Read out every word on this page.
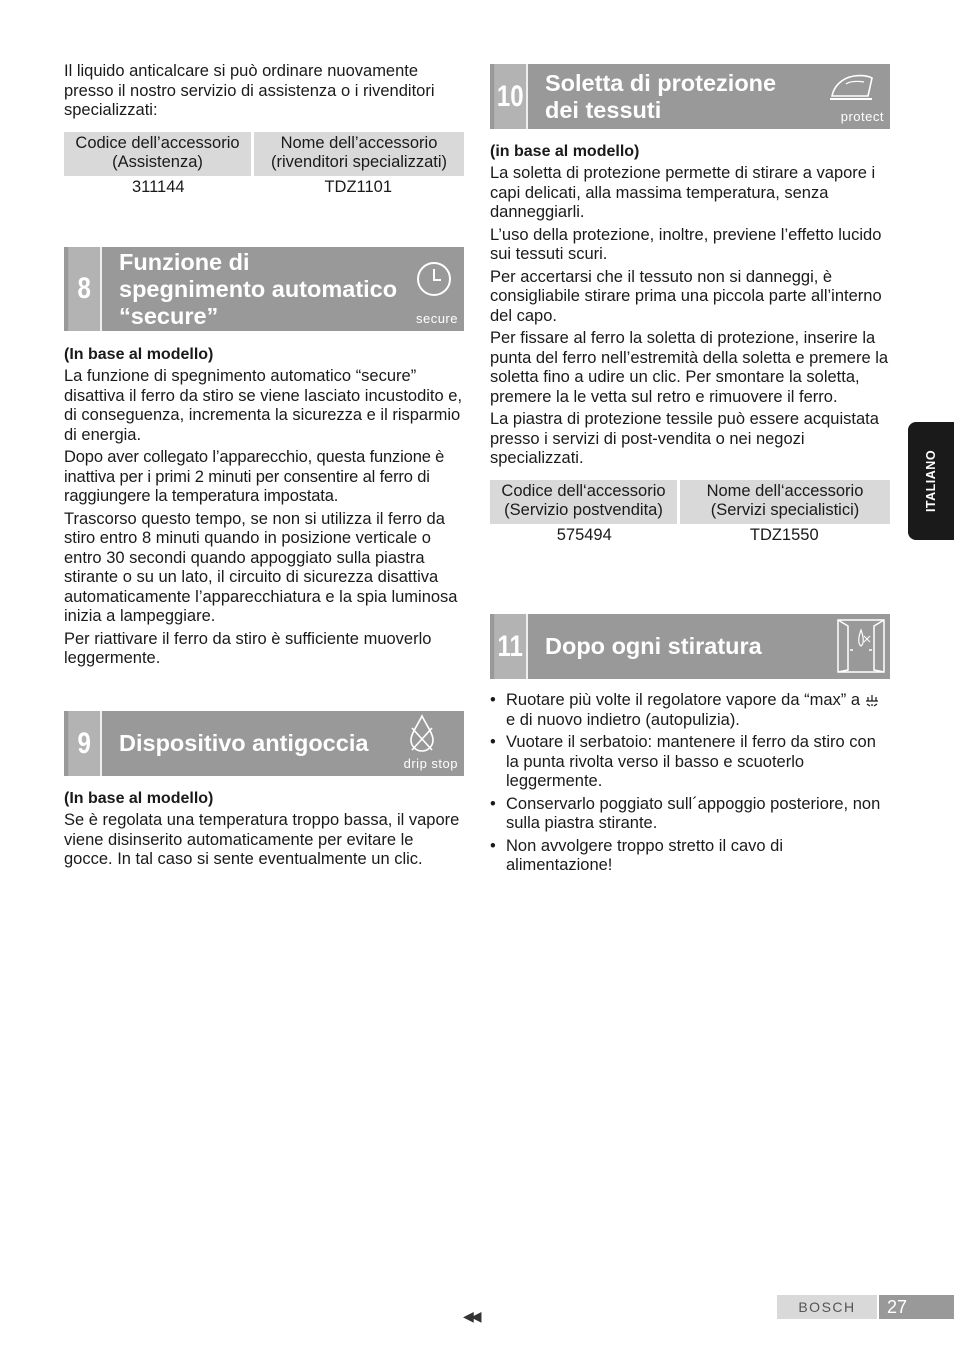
Il liquido anticalcare si può ordinare nuovamente presso il nostro servizio di assistenza o i rivenditori specializzati:

Codice dell’accessorio (Assistenza)	Nome dell’accessorio (rivenditori specializzati)
311144	TDZ1101
8
Funzione di spegnimento automatico “secure”	secure

(In base al modello)

La funzione di spegnimento automatico “secure” disattiva il ferro da stiro se viene lasciato incustodito e, di conseguenza, incrementa la sicurezza e il risparmio di energia.

Dopo aver collegato l’apparecchio, questa funzione è inattiva per i primi 2 minuti per consentire al ferro di raggiungere la temperatura impostata.

Trascorso questo tempo, se non si utilizza il ferro da stiro entro 8 minuti quando in posizione verticale o entro 30 secondi quando appoggiato sulla piastra stirante o su un lato, il circuito di sicurezza disattiva automaticamente l’apparecchiatura e la spia luminosa inizia a lampeggiare.

Per riattivare il ferro da stiro è sufficiente muoverlo leggermente.

9	Dispositivo antigoccia
drip stop

(In base al modello)

Se è regolata una temperatura troppo bassa, il vapore viene disinserito automaticamente per evitare le gocce. In tal caso si sente eventualmente un clic.

10 Soletta di protezione dei tessuti	protect

(in base al modello)

La soletta di protezione permette di stirare a vapore i capi delicati, alla massima temperatura, senza danneggiarli.

L’uso della protezione, inoltre, previene l’effetto lucido sui tessuti scuri.

Per accertarsi che il tessuto non si danneggi, è consigliabile stirare prima una piccola parte all’interno del capo.

Per fissare al ferro la soletta di protezione, inserire la punta del ferro nell’estremità della soletta e premere la soletta fino a udire un clic. Per smontare la soletta, premere la le vetta sul retro e rimuovere il ferro.

La piastra di protezione tessile può essere acquistata presso i servizi di post-vendita o nei negozi specializzati.

Codice dell‘accessorio (Servizio postvendita)	Nome dell‘accessorio (Servizi specialistici)
575494	TDZ1550
11 Dopo ogni stiratura
• Ruotare più volte il regolatore vapore da “max” a  e di nuovo indietro (autopulizia).
• Vuotare il serbatoio: mantenere il ferro da stiro con la punta rivolta verso il basso e scuoterlo leggermente.
• Conservarlo poggiato sull´appoggio posteriore, non sulla piastra stirante.
• Non avvolgere troppo stretto il cavo di alimentazione!
ITALIANO
◀◀
BOSCH	27
